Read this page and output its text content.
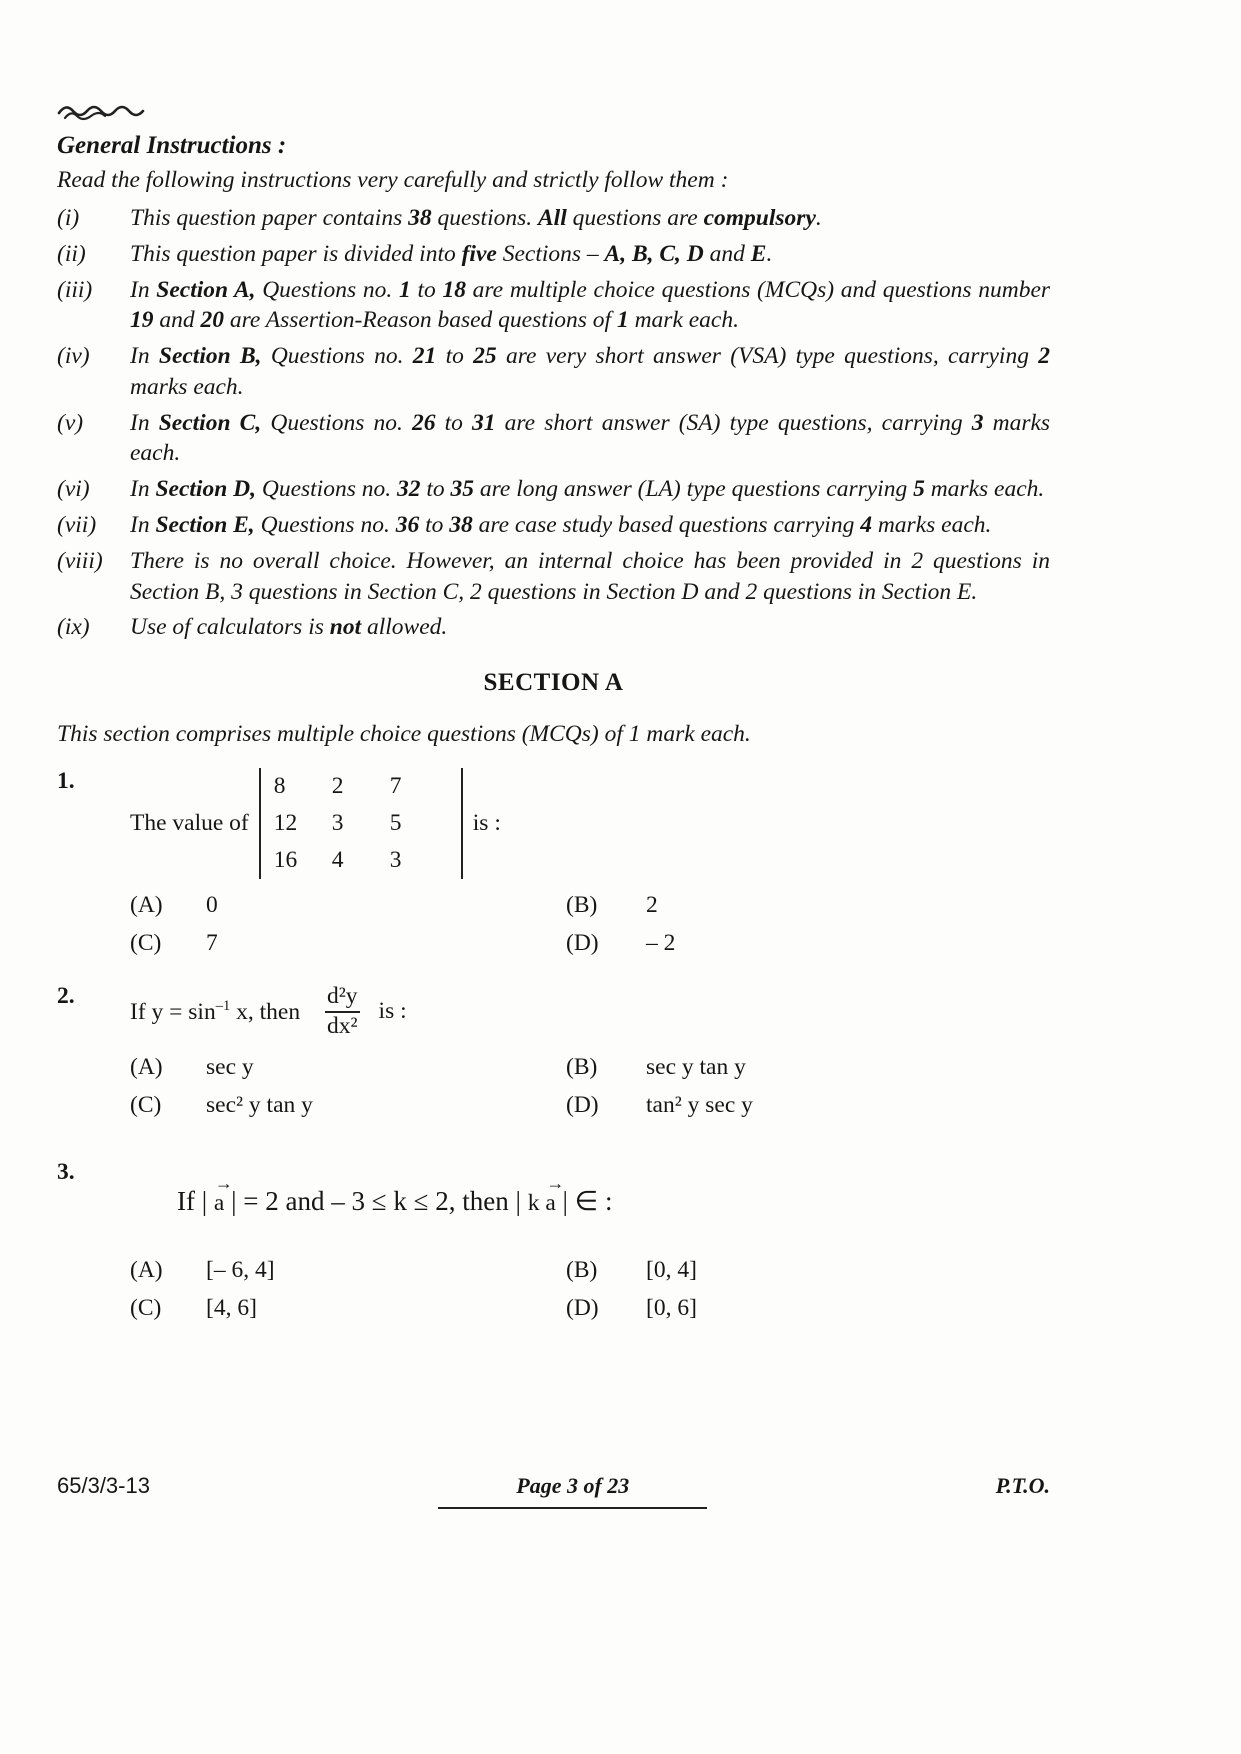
General Instructions :
Read the following instructions very carefully and strictly follow them :
(i)	This question paper contains 38 questions. All questions are compulsory.
(ii)	This question paper is divided into five Sections – A, B, C, D and E.
(iii)	In Section A, Questions no. 1 to 18 are multiple choice questions (MCQs) and questions number 19 and 20 are Assertion-Reason based questions of 1 mark each.
(iv)	In Section B, Questions no. 21 to 25 are very short answer (VSA) type questions, carrying 2 marks each.
(v)	In Section C, Questions no. 26 to 31 are short answer (SA) type questions, carrying 3 marks each.
(vi)	In Section D, Questions no. 32 to 35 are long answer (LA) type questions carrying 5 marks each.
(vii)	In Section E, Questions no. 36 to 38 are case study based questions carrying 4 marks each.
(viii)	There is no overall choice. However, an internal choice has been provided in 2 questions in Section B, 3 questions in Section C, 2 questions in Section D and 2 questions in Section E.
(ix)	Use of calculators is not allowed.
SECTION A
This section comprises multiple choice questions (MCQs) of 1 mark each.
1.
The value of
8	2	7
12	3	5
16	4	3
is :
(A)	0	(B)	2
(C)	7	(D)	– 2
2.
If $y = \sin^{-1} x$, then $\frac{\text{d²y}}{\text{dx²}}$ is :
(A)	sec y	(B)	sec y tan y
(C)	sec² y tan y	(D)	tan² y sec y
3.

If |
→
a | = 2 and – 3 ≤ k ≤ 2, then | k
→
a | ∈ :

(A)	[– 6, 4]	(B)	[0, 4]
(C)	[4, 6]	(D)	[0, 6]
65/3/3-13	Page 3 of 23	P.T.O.
